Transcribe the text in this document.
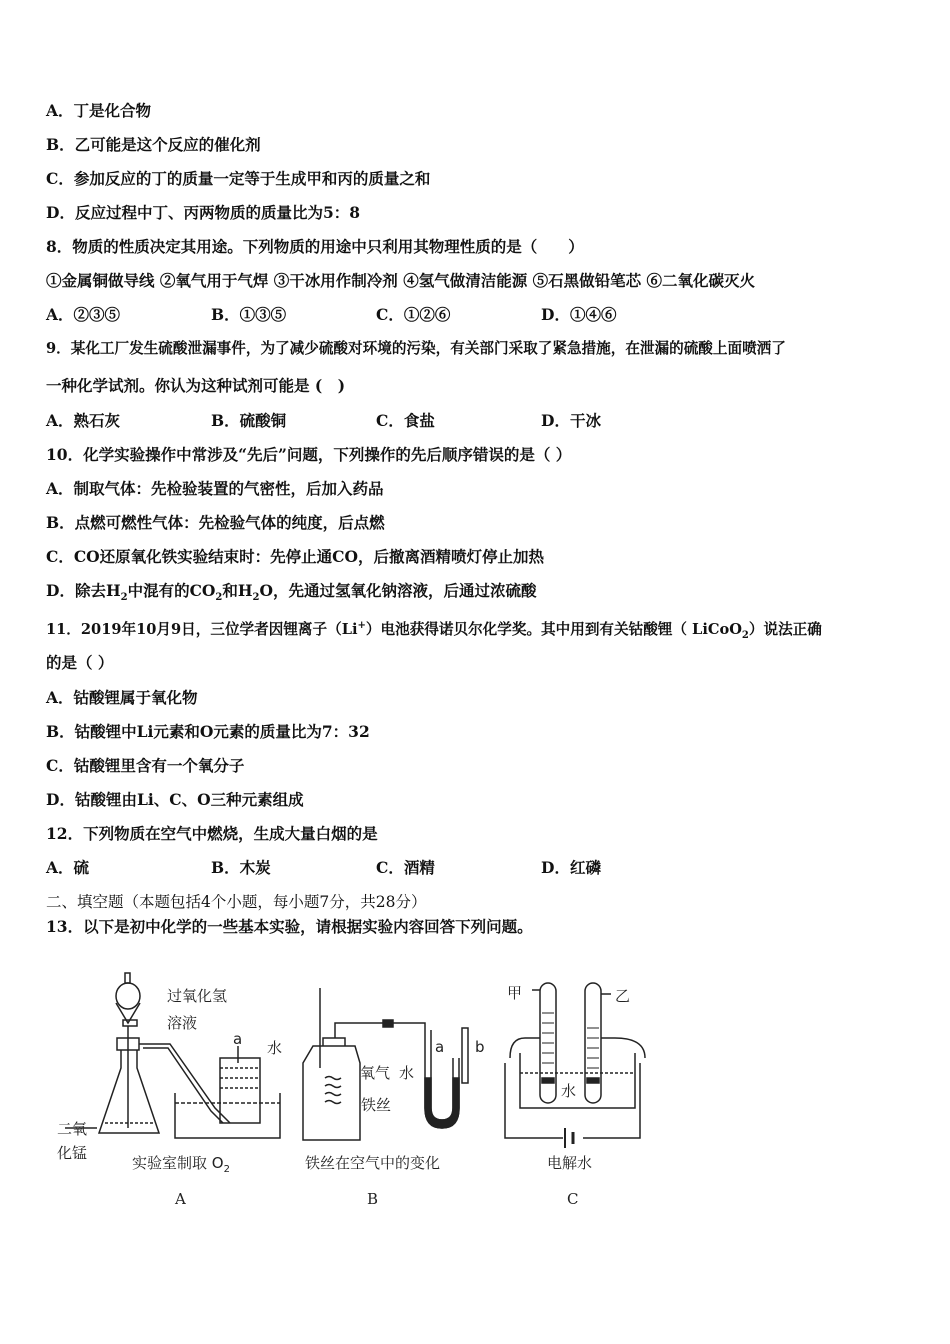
A．丁是化合物
B．乙可能是这个反应的催化剂
C．参加反应的丁的质量一定等于生成甲和丙的质量之和
D．反应过程中丁、丙两物质的质量比为5：8
8．物质的性质决定其用途。下列物质的用途中只利用其物理性质的是（　　）
①金属铜做导线 ②氧气用于气焊 ③干冰用作制冷剂 ④氢气做清洁能源 ⑤石黑做铅笔芯 ⑥二氧化碳灭火
A．②③⑤	B．①③⑤	C．①②⑥	D．①④⑥
9．某化工厂发生硫酸泄漏事件，为了减少硫酸对环境的污染，有关部门采取了紧急措施，在泄漏的硫酸上面喷洒了
一种化学试剂。你认为这种试剂可能是 (　)
A．熟石灰	B．硫酸铜	C．食盐	D．干冰
10．化学实验操作中常涉及“先后”问题，下列操作的先后顺序错误的是（ ）
A．制取气体：先检验装置的气密性，后加入药品
B．点燃可燃性气体：先检验气体的纯度，后点燃
C．CO还原氧化铁实验结束时：先停止通CO，后撤离酒精喷灯停止加热
D．除去$H_2$中混有的$CO_2$和$H_2O$，先通过氢氧化钠溶液，后通过浓硫酸
11．2019年10月9日，三位学者因锂离子（Li+）电池获得诺贝尔化学奖。其中用到有关钴酸锂（ LiCoO$_2$）说法正确
的是（ ）
A．钴酸锂属于氧化物
B．钴酸锂中Li元素和O元素的质量比为7：32
C．钴酸锂里含有一个氧分子
D．钴酸锂由Li、C、O三种元素组成
12．下列物质在空气中燃烧，生成大量白烟的是
A．硫	B．木炭	C．酒精	D．红磷
二、填空题（本题包括4个小题，每小题7分，共28分）
13．以下是初中化学的一些基本实验，请根据实验内容回答下列问题。
过氧化氢
溶液
a 水
二氧
化锰
实验室制取 $O_2$
A
氧气 水
铁丝
a b
铁丝在空气中的变化
B
甲	乙
水
电解水
C
